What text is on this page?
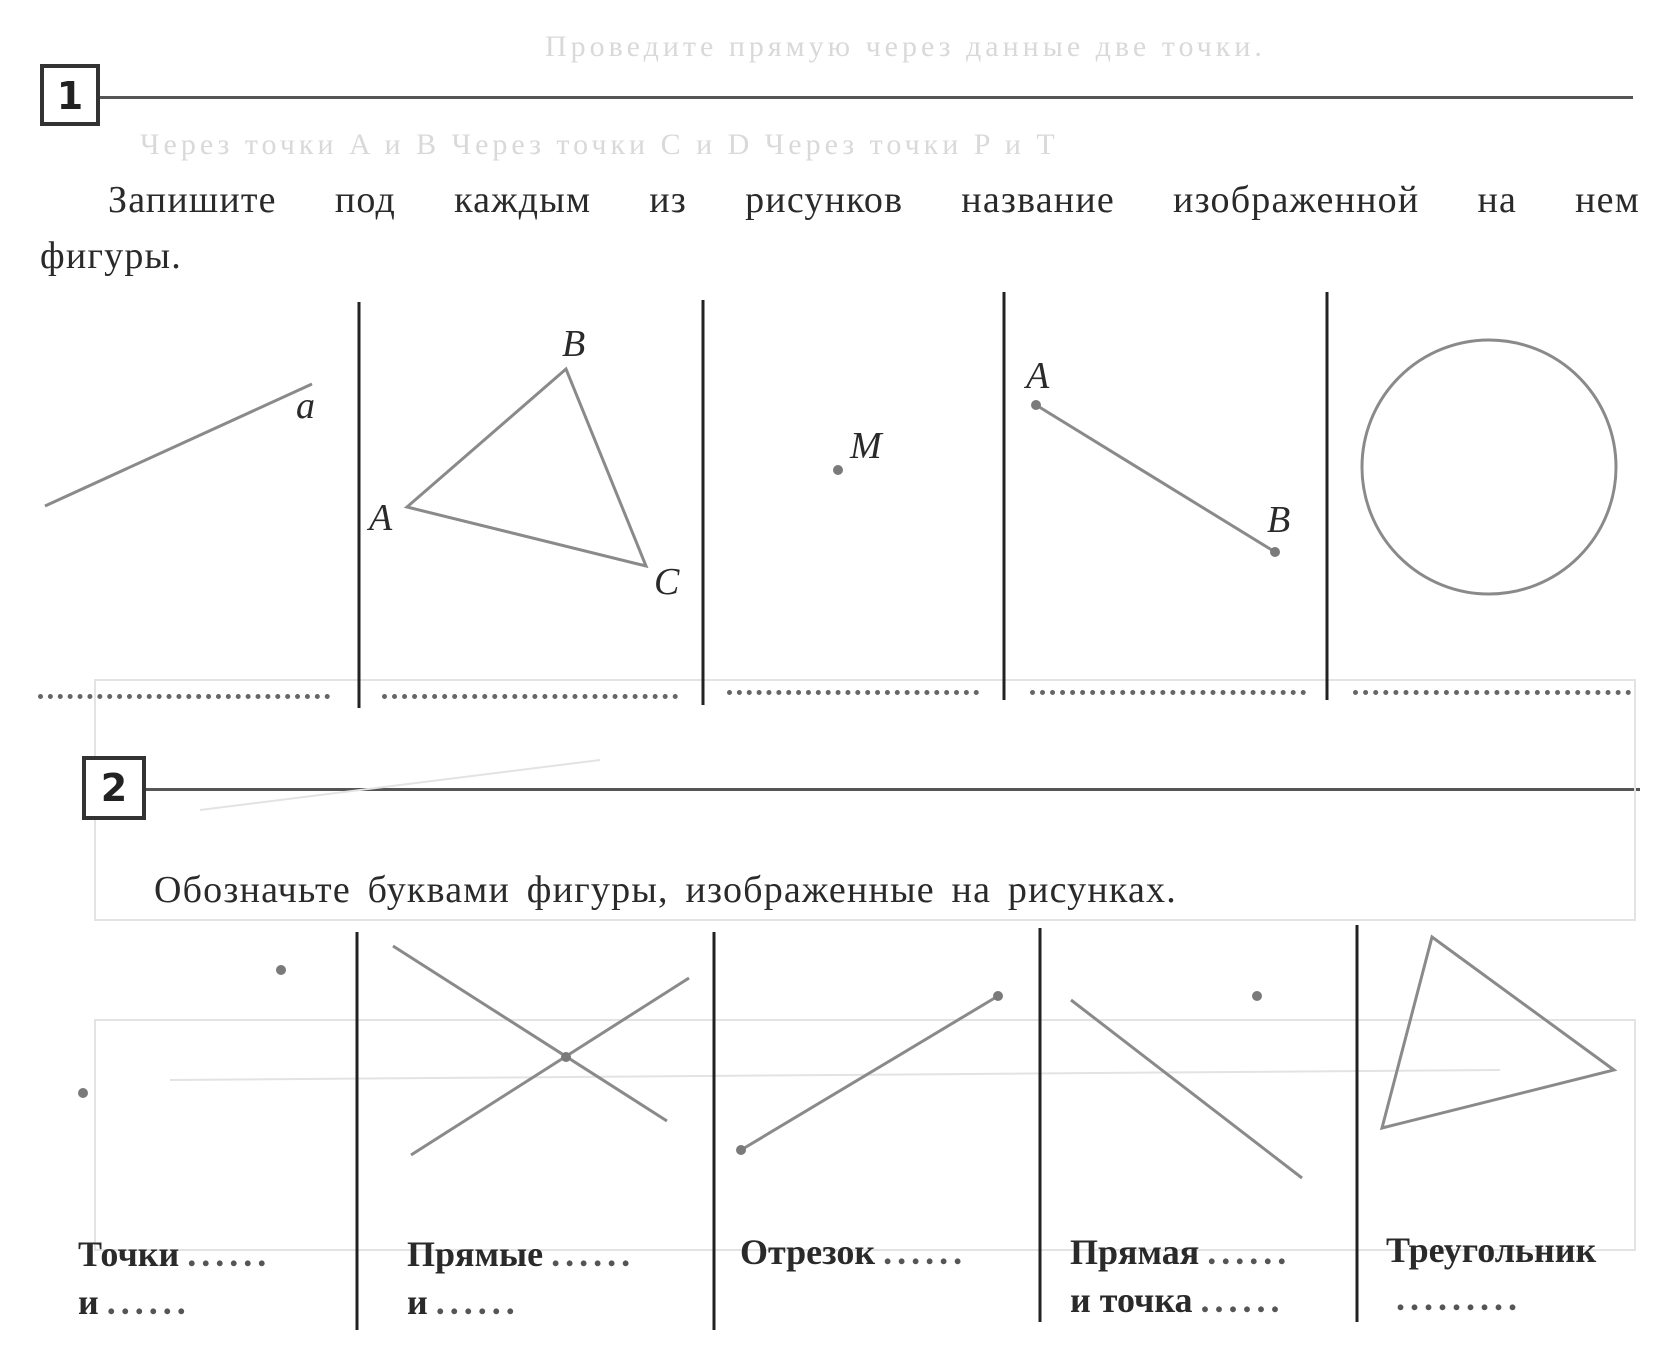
Проведите прямую через данные две точки.
Через точки A и B Через точки C и D Через точки P и T
1
Запишите под каждым из рисунков название изображенной на нем
фигуры.
2
Обозначьте буквами фигуры, изображенные на рисунках.
a
A
B
C
M
A
B
Точки ......
и ......
Прямые ......
и ......
Отрезок ......	Прямая ......
и точка ......
Треугольник
.........
